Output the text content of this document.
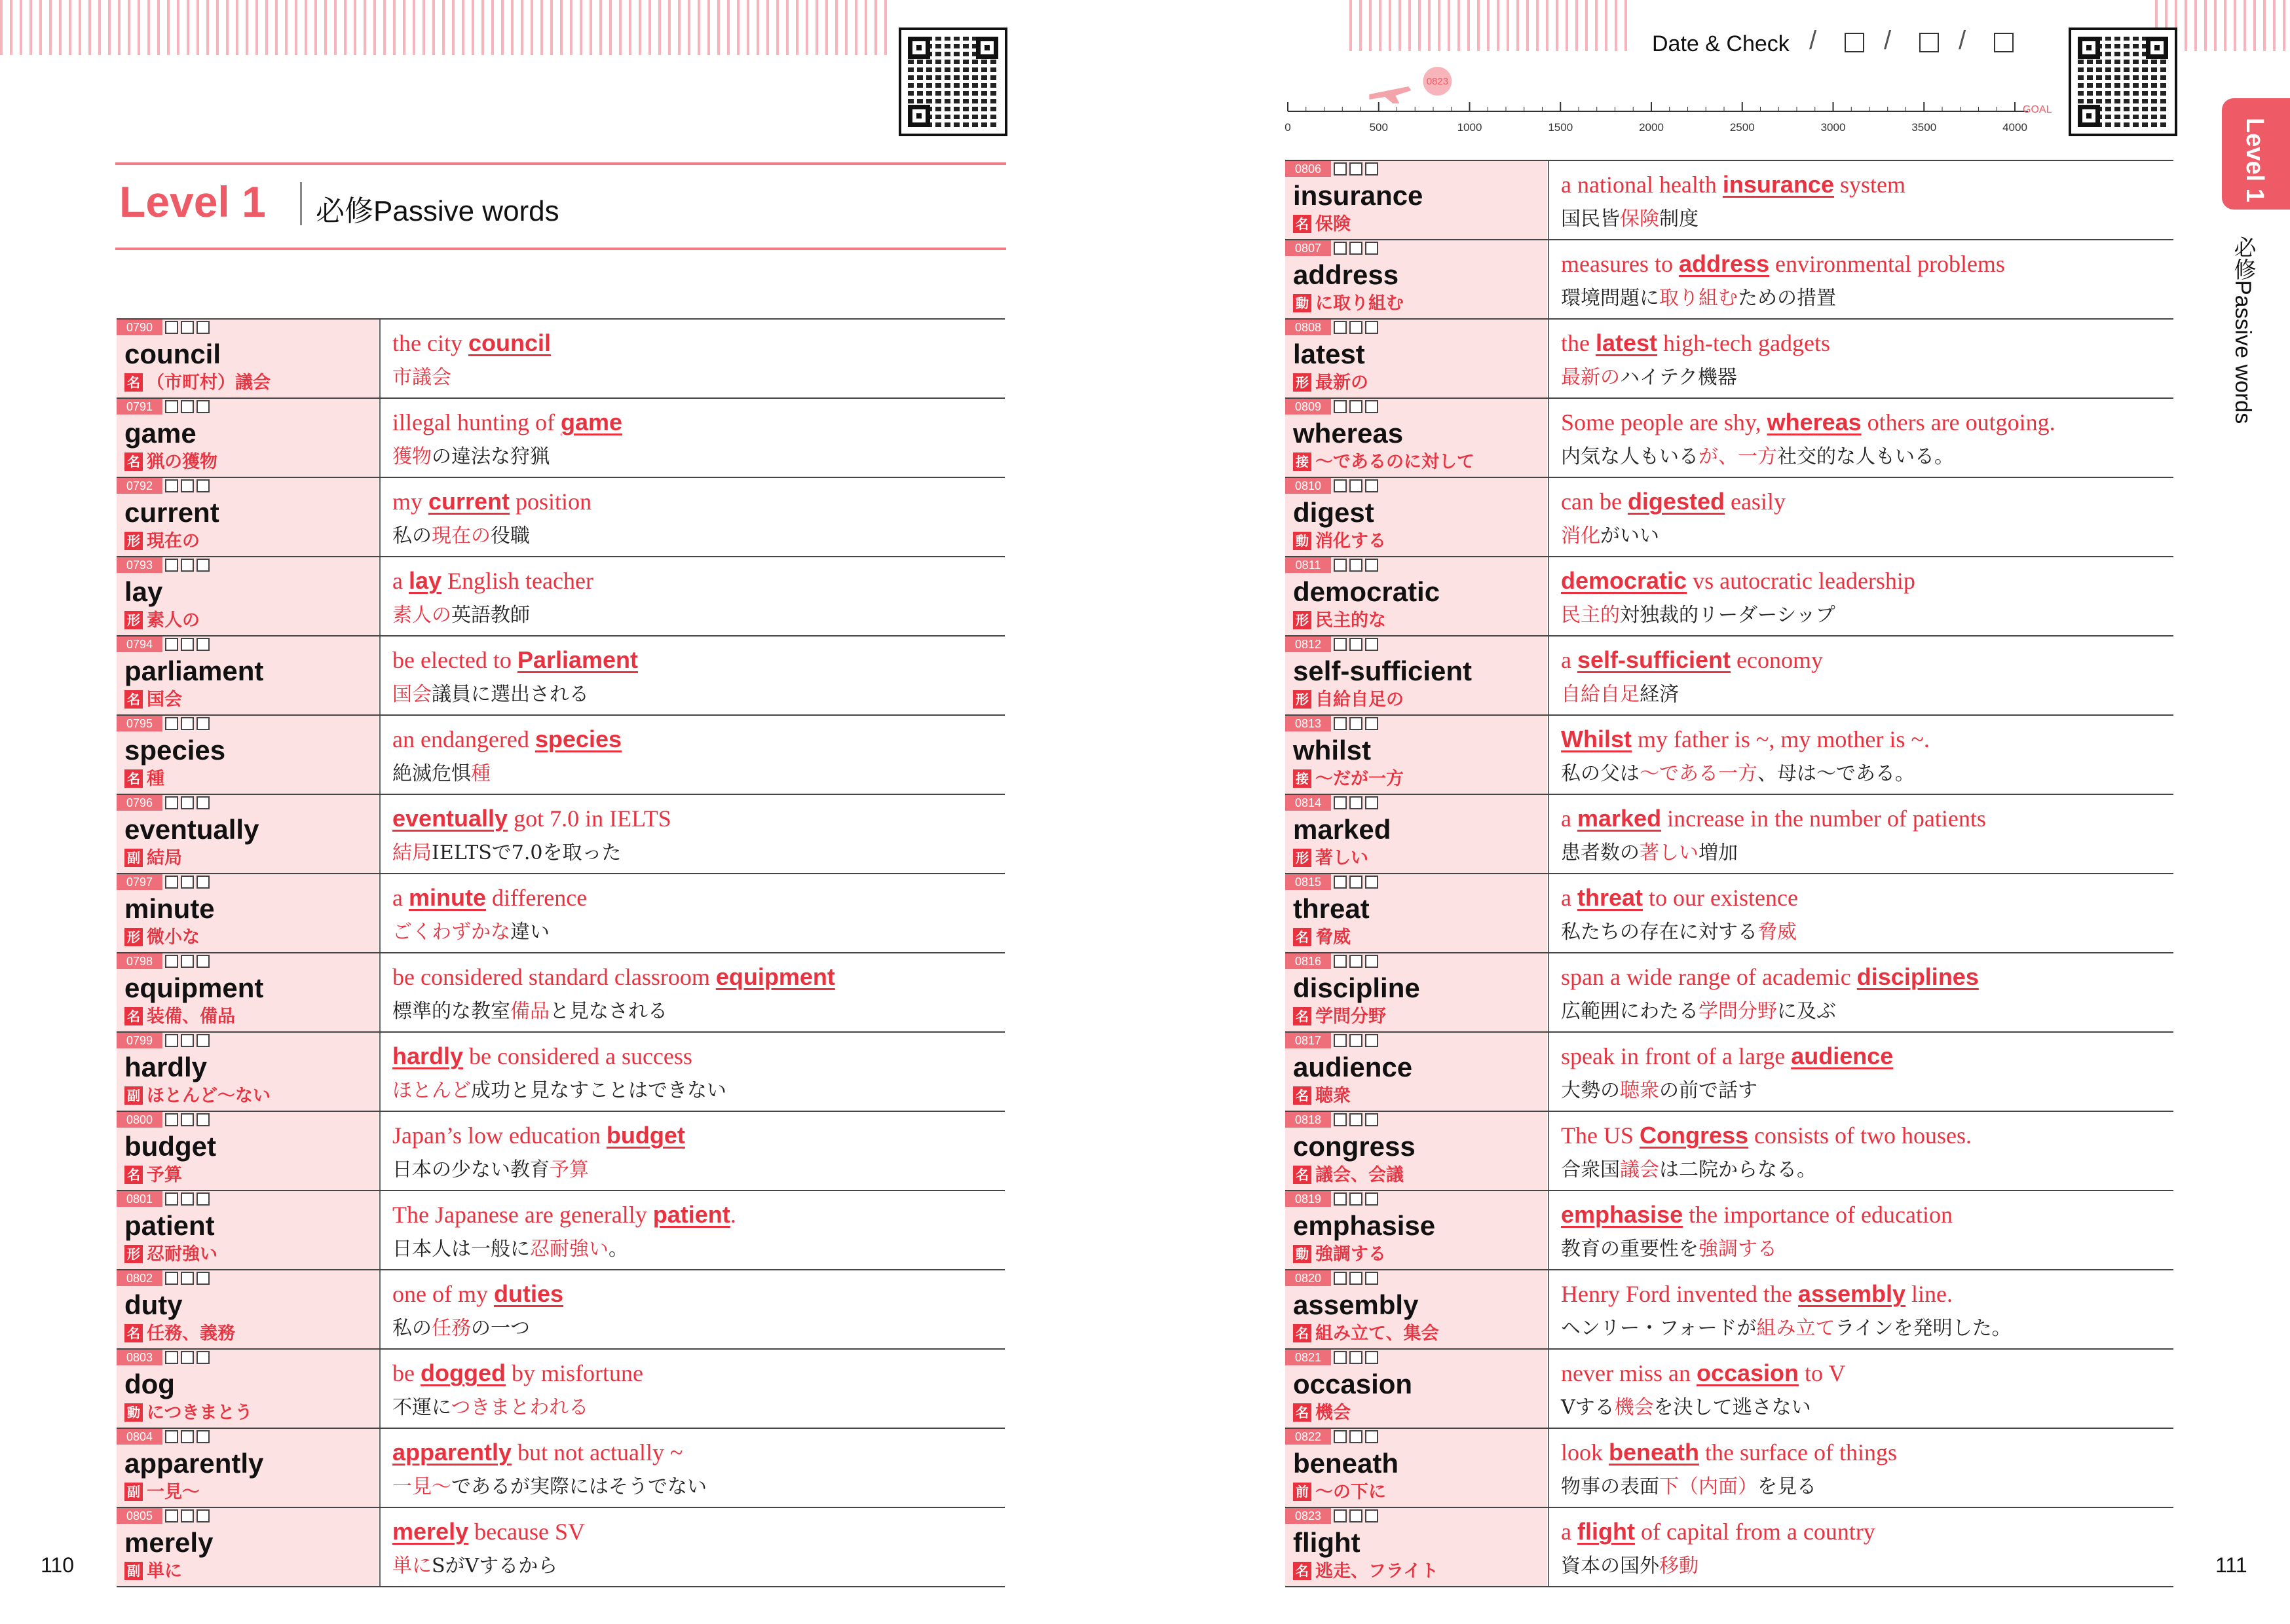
Date & Check /	/	/
0	500	1000	1500	2000	2500	3000	3500	4000
GOAL
0823
Level 1 必修Passive words
0790
council
名 （市町村）議会
the city council
市議会
0791
game
名 猟の獲物
illegal hunting of game
獲物の違法な狩猟
0792
current
形 現在の
my current position
私の現在の役職
0793
lay
形 素人の
a lay English teacher
素人の英語教師
0794
parliament
名 国会
be elected to Parliament
国会議員に選出される
0795
species
名 種
an endangered species
絶滅危惧種
0796
eventually
副 結局
eventually got 7.0 in IELTS
結局IELTSで7.0を取った
0797
minute
形 微小な
a minute difference
ごくわずかな違い
0798
equipment
名 装備、備品
be considered standard classroom equipment
標準的な教室備品と見なされる
0799
hardly
副 ほとんど〜ない
hardly be considered a success
ほとんど成功と見なすことはできない
0800
budget
名 予算
Japan’s low education budget
日本の少ない教育予算
0801
patient
形 忍耐強い
The Japanese are generally patient.
日本人は一般に忍耐強い。
0802
duty
名 任務、義務
one of my duties
私の任務の一つ
0803
dog
動 につきまとう
be dogged by misfortune
不運につきまとわれる
0804
apparently
副 一見〜
apparently but not actually ~
一見〜であるが実際にはそうでない
0805
merely
副 単に
merely because SV
単にSがVするから
0806
insurance
名 保険
a national health insurance system
国民皆保険制度
0807
address
動 に取り組む
measures to address environmental problems
環境問題に取り組むための措置
0808
latest
形 最新の
the latest high-tech gadgets
最新のハイテク機器
0809
whereas
接 〜であるのに対して
Some people are shy, whereas others are outgoing.
内気な人もいるが、一方社交的な人もいる。
0810
digest
動 消化する
can be digested easily
消化がいい
0811
democratic
形 民主的な
democratic vs autocratic leadership
民主的対独裁的リーダーシップ
0812
self-sufficient
形 自給自足の
a self-sufficient economy
自給自足経済
0813
whilst
接 〜だが一方
Whilst my father is ~, my mother is ~.
私の父は〜である一方、母は〜である。
0814
marked
形 著しい
a marked increase in the number of patients
患者数の著しい増加
0815
threat
名 脅威
a threat to our existence
私たちの存在に対する脅威
0816
discipline
名 学問分野
span a wide range of academic disciplines
広範囲にわたる学問分野に及ぶ
0817
audience
名 聴衆
speak in front of a large audience
大勢の聴衆の前で話す
0818
congress
名 議会、会議
The US Congress consists of two houses.
合衆国議会は二院からなる。
0819
emphasise
動 強調する
emphasise the importance of education
教育の重要性を強調する
0820
assembly
名 組み立て、集会
Henry Ford invented the assembly line.
ヘンリー・フォードが組み立てラインを発明した。
0821
occasion
名 機会
never miss an occasion to V
Vする機会を決して逃さない
0822
beneath
前 〜の下に
look beneath the surface of things
物事の表面下（内面）を見る
0823
flight
名 逃走、フライト
a flight of capital from a country
資本の国外移動
110	111
Level 1
必修Passive words
